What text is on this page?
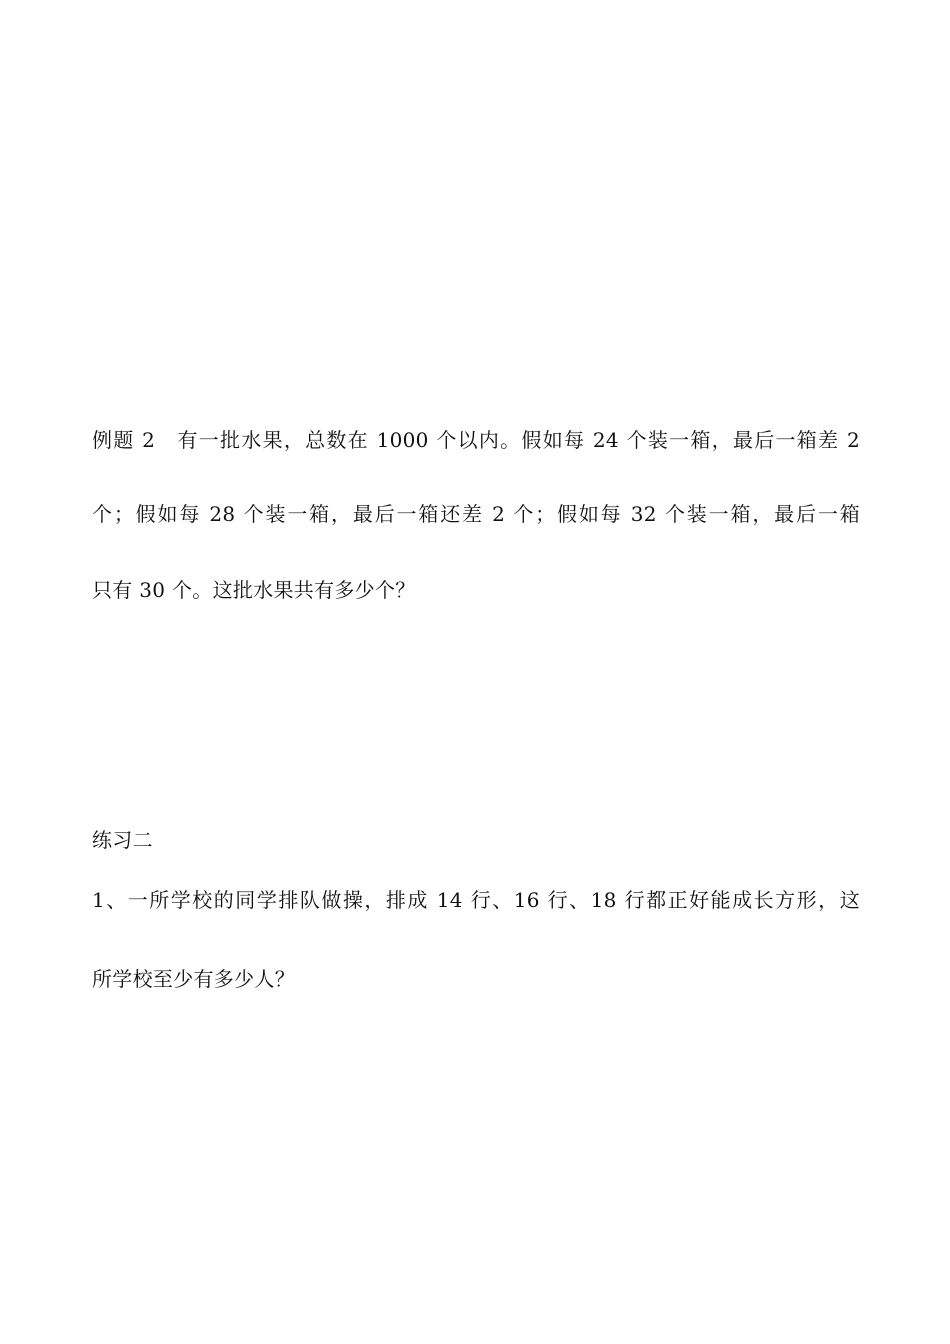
例题 2　有一批水果，总数在 1000 个以内。假如每 24 个装一箱，最后一箱差 2
个；假如每 28 个装一箱，最后一箱还差 2 个；假如每 32 个装一箱，最后一箱
只有 30 个。这批水果共有多少个？
练习二
1、一所学校的同学排队做操，排成 14 行、16 行、18 行都正好能成长方形，这
所学校至少有多少人？
